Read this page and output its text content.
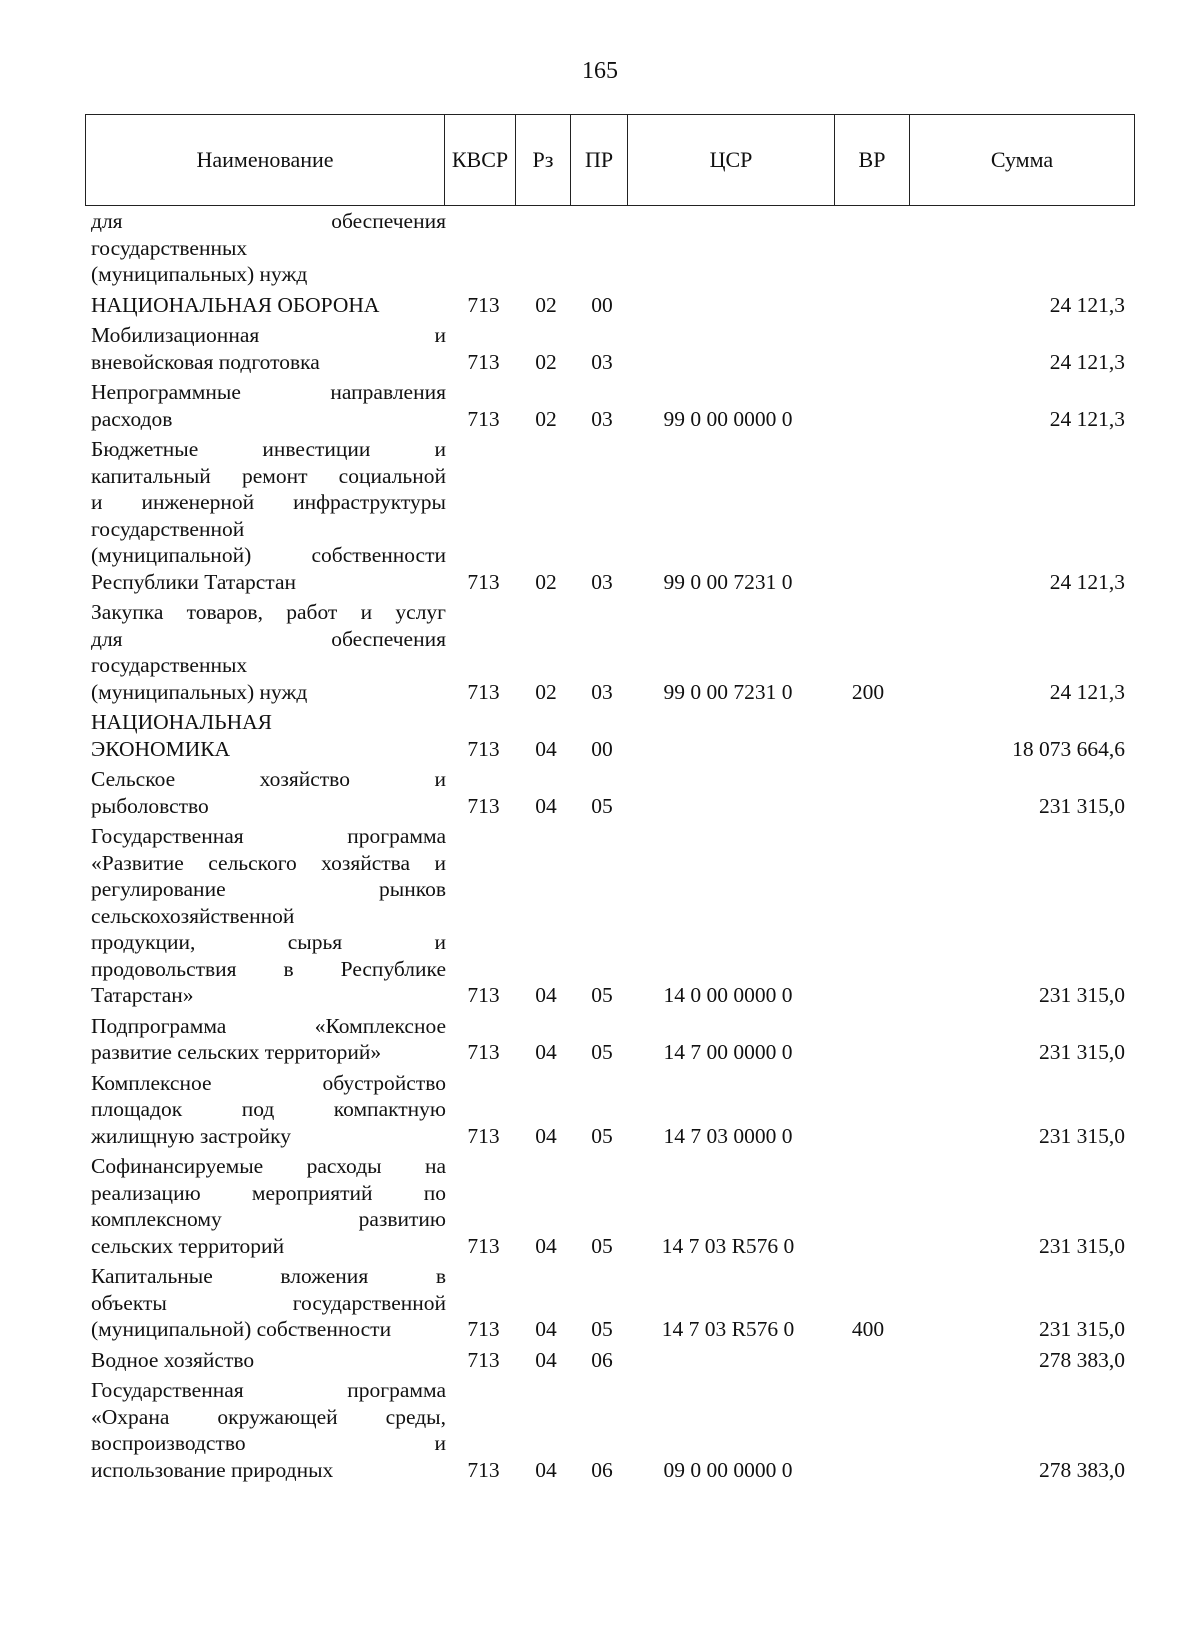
165
Наименование	КВСР	Рз	ПР	ЦСР	ВР	Сумма
для обеспечения
государственных
(муниципальных) нужд
НАЦИОНАЛЬНАЯ ОБОРОНА	713	02	00	24 121,3
Мобилизационная и
вневойсковая подготовка	713	02	03	24 121,3
Непрограммные направления
расходов	713	02	03	99 0 00 0000 0	24 121,3
Бюджетные инвестиции и
капитальный ремонт социальной
и инженерной инфраструктуры
государственной
(муниципальной) собственности
Республики Татарстан	713	02	03	99 0 00 7231 0	24 121,3
Закупка товаров, работ и услуг
для обеспечения
государственных
(муниципальных) нужд	713	02	03	99 0 00 7231 0	200	24 121,3
НАЦИОНАЛЬНАЯ
ЭКОНОМИКА	713	04	00	18 073 664,6
Сельское хозяйство и
рыболовство	713	04	05	231 315,0
Государственная программа
«Развитие сельского хозяйства и
регулирование рынков
сельскохозяйственной
продукции, сырья и
продовольствия в Республике
Татарстан»	713	04	05	14 0 00 0000 0	231 315,0
Подпрограмма «Комплексное
развитие сельских территорий»	713	04	05	14 7 00 0000 0	231 315,0
Комплексное обустройство
площадок под компактную
жилищную застройку	713	04	05	14 7 03 0000 0	231 315,0
Софинансируемые расходы на
реализацию мероприятий по
комплексному развитию
сельских территорий	713	04	05	14 7 03 R576 0	231 315,0
Капитальные вложения в
объекты государственной
(муниципальной) собственности	713	04	05	14 7 03 R576 0	400	231 315,0
Водное хозяйство	713	04	06	278 383,0
Государственная программа
«Охрана окружающей среды,
воспроизводство и
использование природных	713	04	06	09 0 00 0000 0	278 383,0
